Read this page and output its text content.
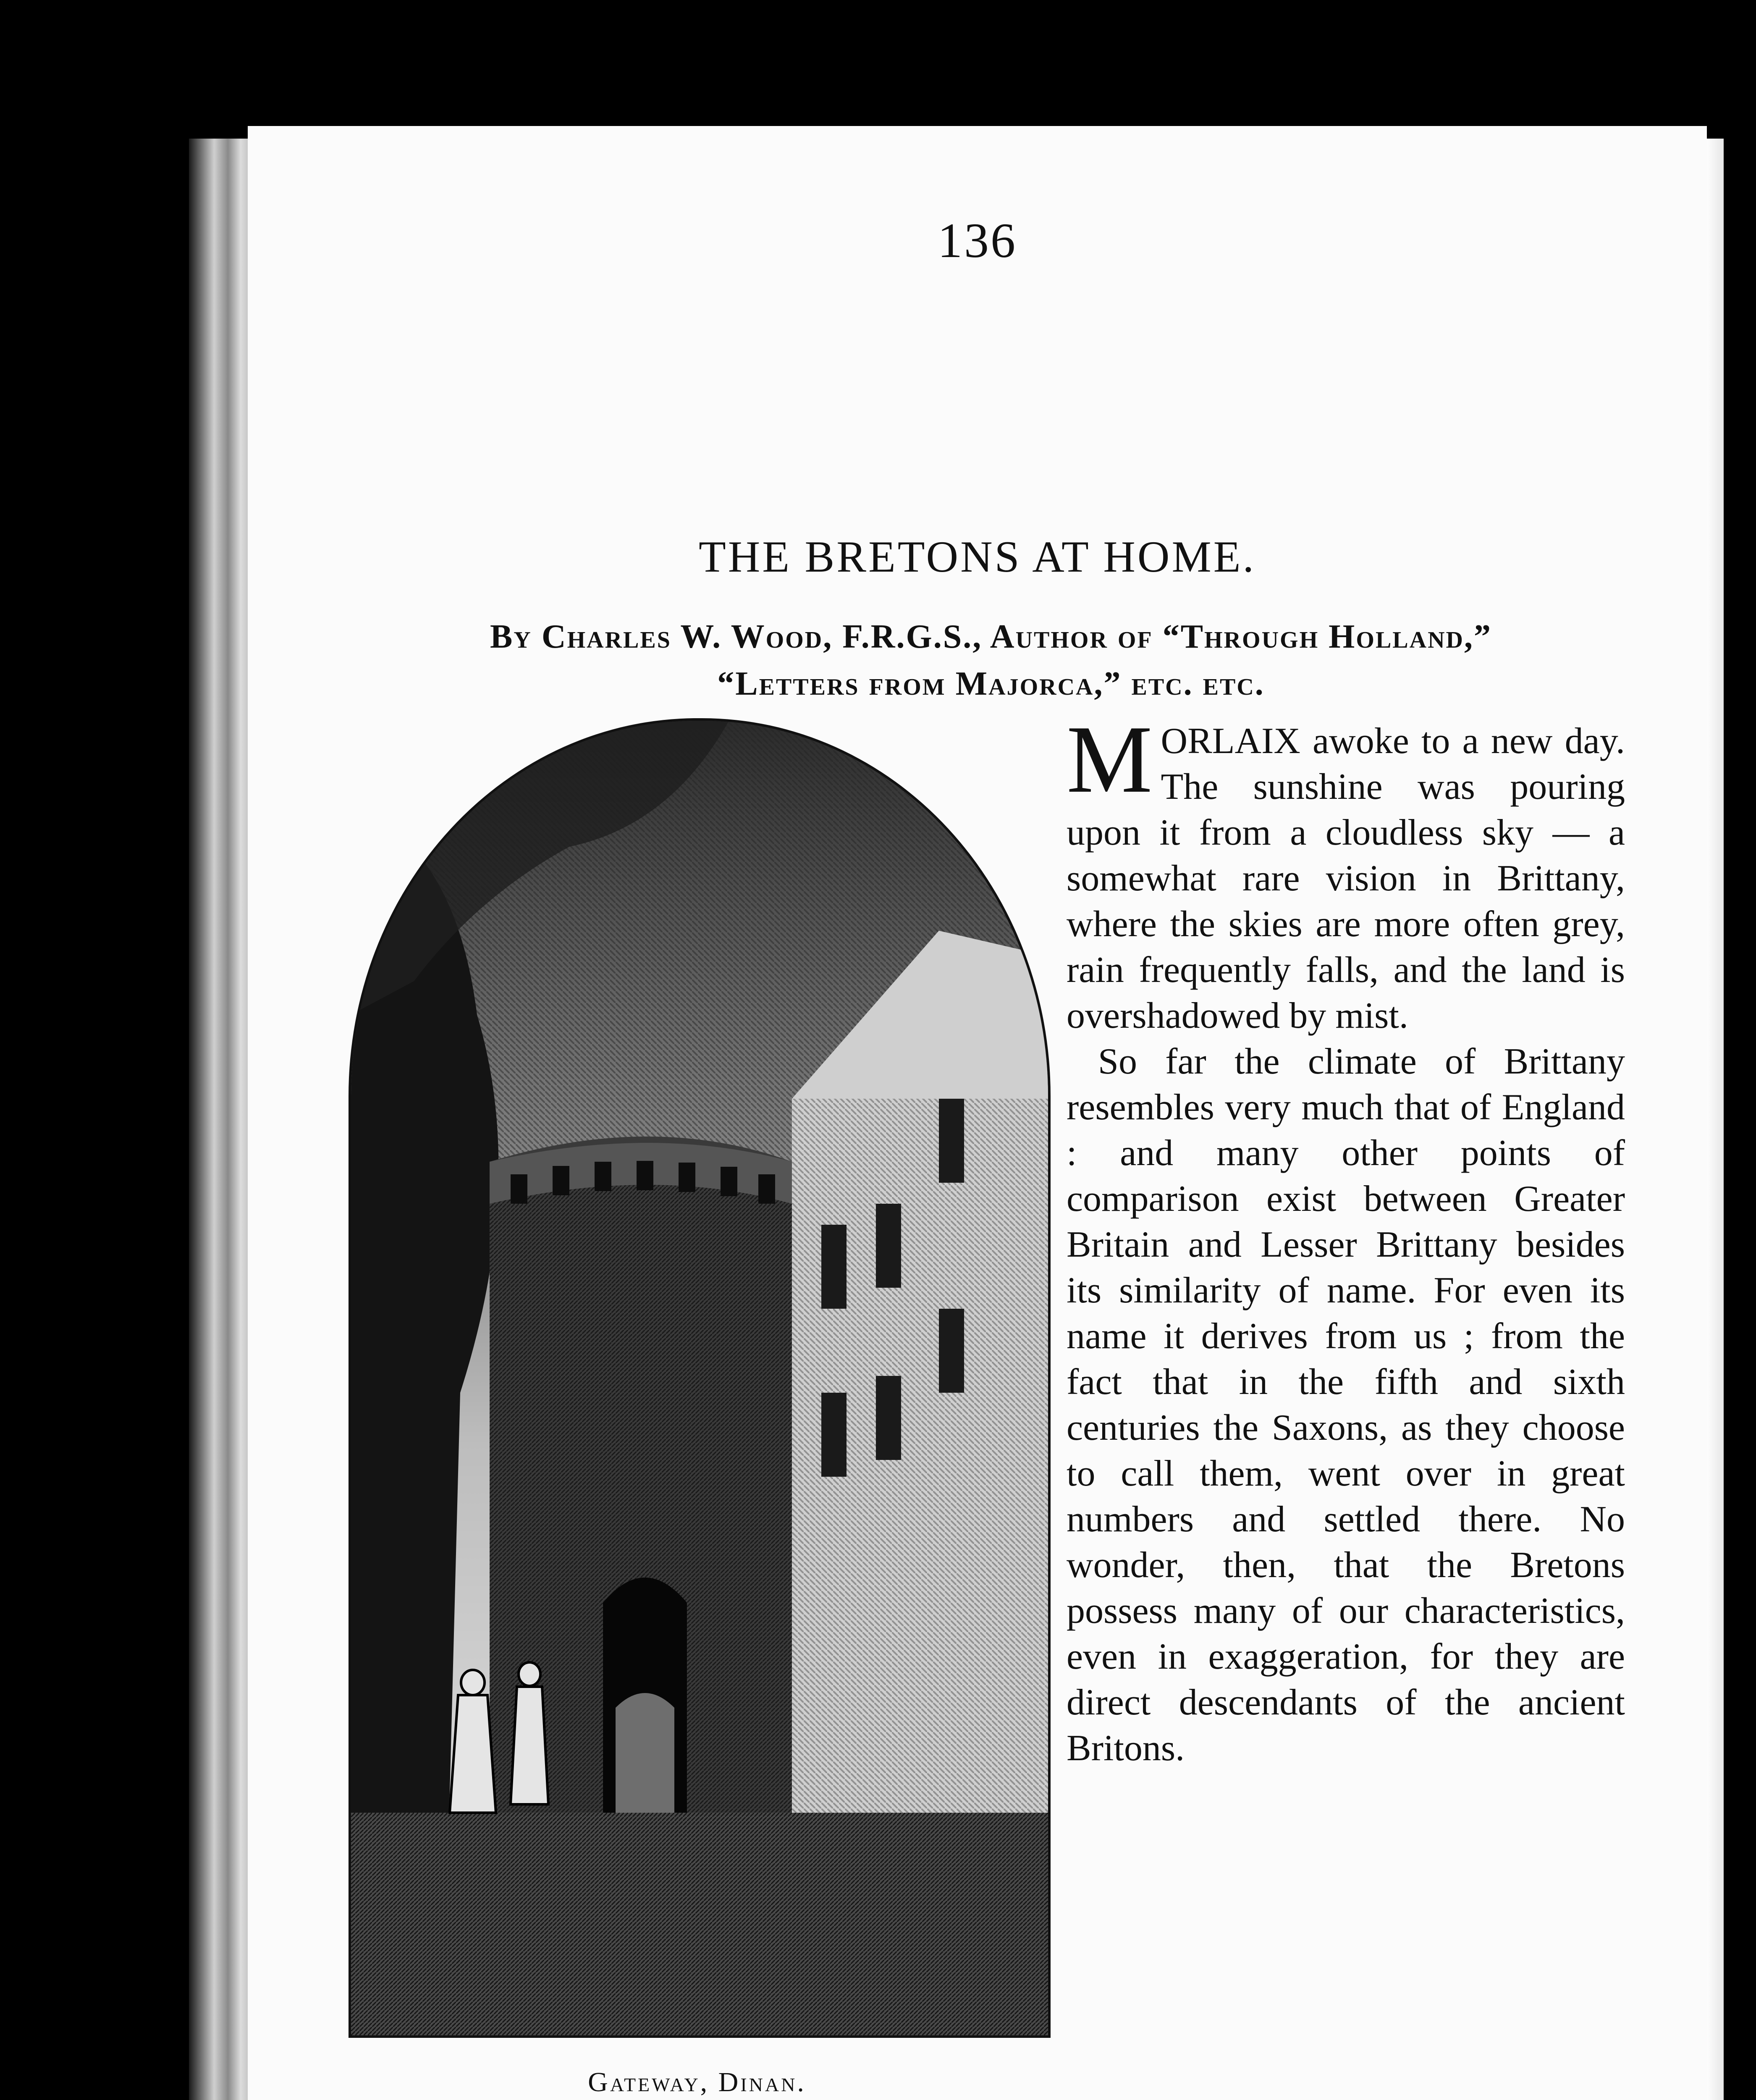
136
THE BRETONS AT HOME.
By Charles W. Wood, F.R.G.S., Author of “Through Holland,”
“Letters from Majorca,” etc. etc.
Gateway, Dinan.

MORLAIX awoke to a new day. The sunshine was pouring upon it from a cloudless sky — a somewhat rare vision in Brittany, where the skies are more often grey, rain frequently falls, and the land is overshadowed by mist.

So far the climate of Brittany resembles very much that of England : and many other points of comparison exist between Greater Britain and Lesser Brittany besides its similarity of name. For even its name it derives from us ; from the fact that in the fifth and sixth centuries the Saxons, as they choose to call them, went over in great numbers and settled there. No wonder, then, that the Bretons possess many of our characteristics, even in exaggeration, for they are direct descendants of the ancient Britons.
